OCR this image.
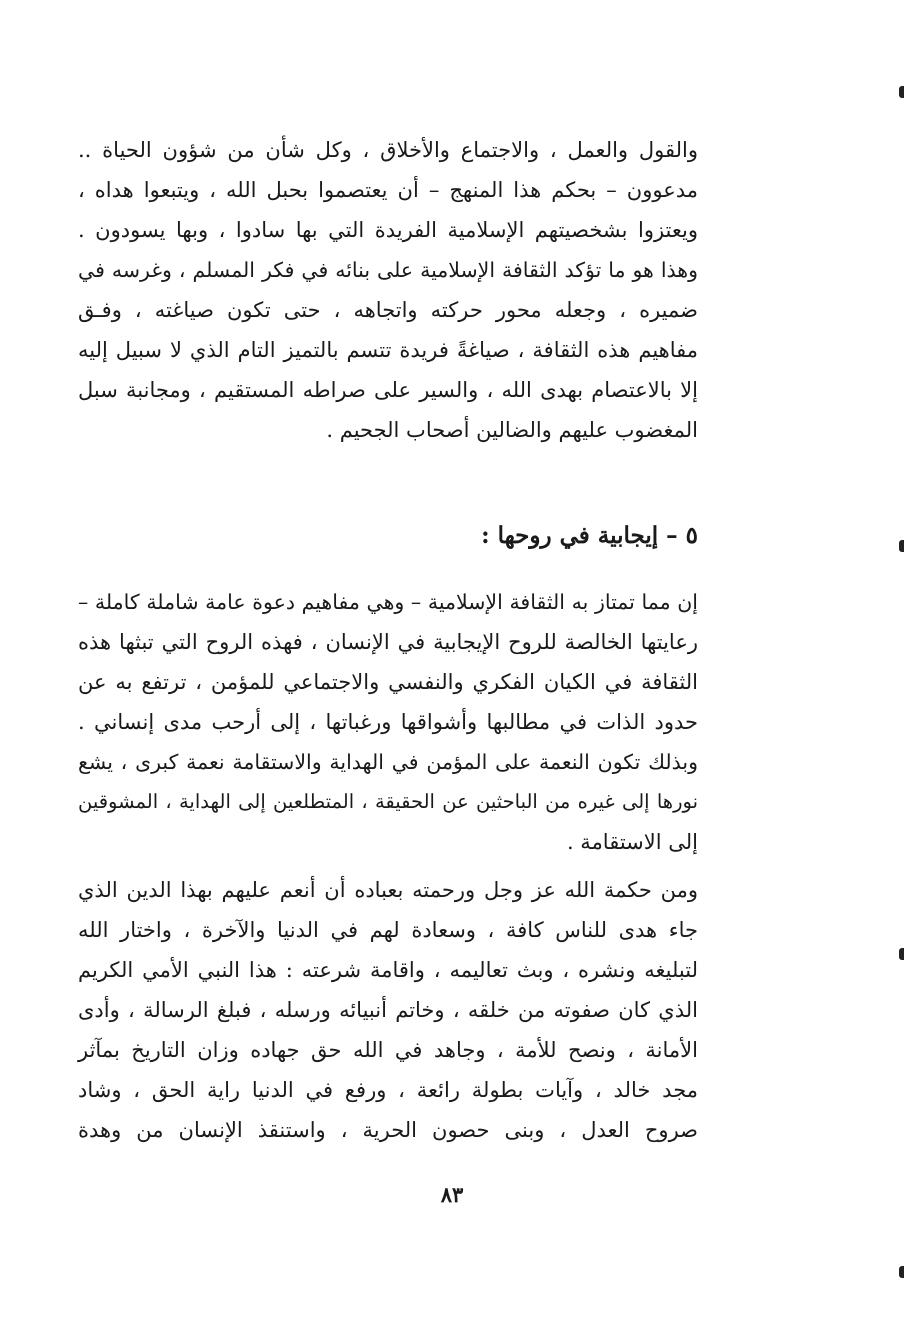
والقول والعمل ، والاجتماع والأخلاق ، وكل شأن من شؤون الحياة ..
مدعوون – بحكم هذا المنهج – أن يعتصموا بحبل الله ، ويتبعوا هداه ،
ويعتزوا بشخصيتهم الإسلامية الفريدة التي بها سادوا ، وبها يسودون .
وهذا هو ما تؤكد الثقافة الإسلامية على بنائه في فكر المسلم ، وغرسه في
ضميره ، وجعله محور حركته واتجاهه ، حتى تكون صياغته ، وفـق
مفاهيم هذه الثقافة ، صياغةً فريدة تتسم بالتميز التام الذي لا سبيل إليه
إلا بالاعتصام بهدى الله ، والسير على صراطه المستقيم ، ومجانبة سبل
المغضوب عليهم والضالين أصحاب الجحيم .
٥ – إيجابية في روحها :
إن مما تمتاز به الثقافة الإسلامية – وهي مفاهيم دعوة عامة شاملة كاملة –
رعايتها الخالصة للروح الإيجابية في الإنسان ، فهذه الروح التي تبثها هذه
الثقافة في الكيان الفكري والنفسي والاجتماعي للمؤمن ، ترتفع به عن
حدود الذات في مطالبها وأشواقها ورغباتها ، إلى أرحب مدى إنساني .
وبذلك تكون النعمة على المؤمن في الهداية والاستقامة نعمة كبرى ، يشع
نورها إلى غيره من الباحثين عن الحقيقة ، المتطلعين إلى الهداية ، المشوقين
إلى الاستقامة .
ومن حكمة الله عز وجل ورحمته بعباده أن أنعم عليهم بهذا الدين الذي
جاء هدى للناس كافة ، وسعادة لهم في الدنيا والآخرة ، واختار الله
لتبليغه ونشره ، وبث تعاليمه ، واقامة شرعته : هذا النبي الأمي الكريم
الذي كان صفوته من خلقه ، وخاتم أنبيائه ورسله ، فبلغ الرسالة ، وأدى
الأمانة ، ونصح للأمة ، وجاهد في الله حق جهاده وزان التاريخ بمآثر
مجد خالد ، وآيات بطولة رائعة ، ورفع في الدنيا راية الحق ، وشاد
صروح العدل ، وبنى حصون الحرية ، واستنقذ الإنسان من وهدة
٨٣
